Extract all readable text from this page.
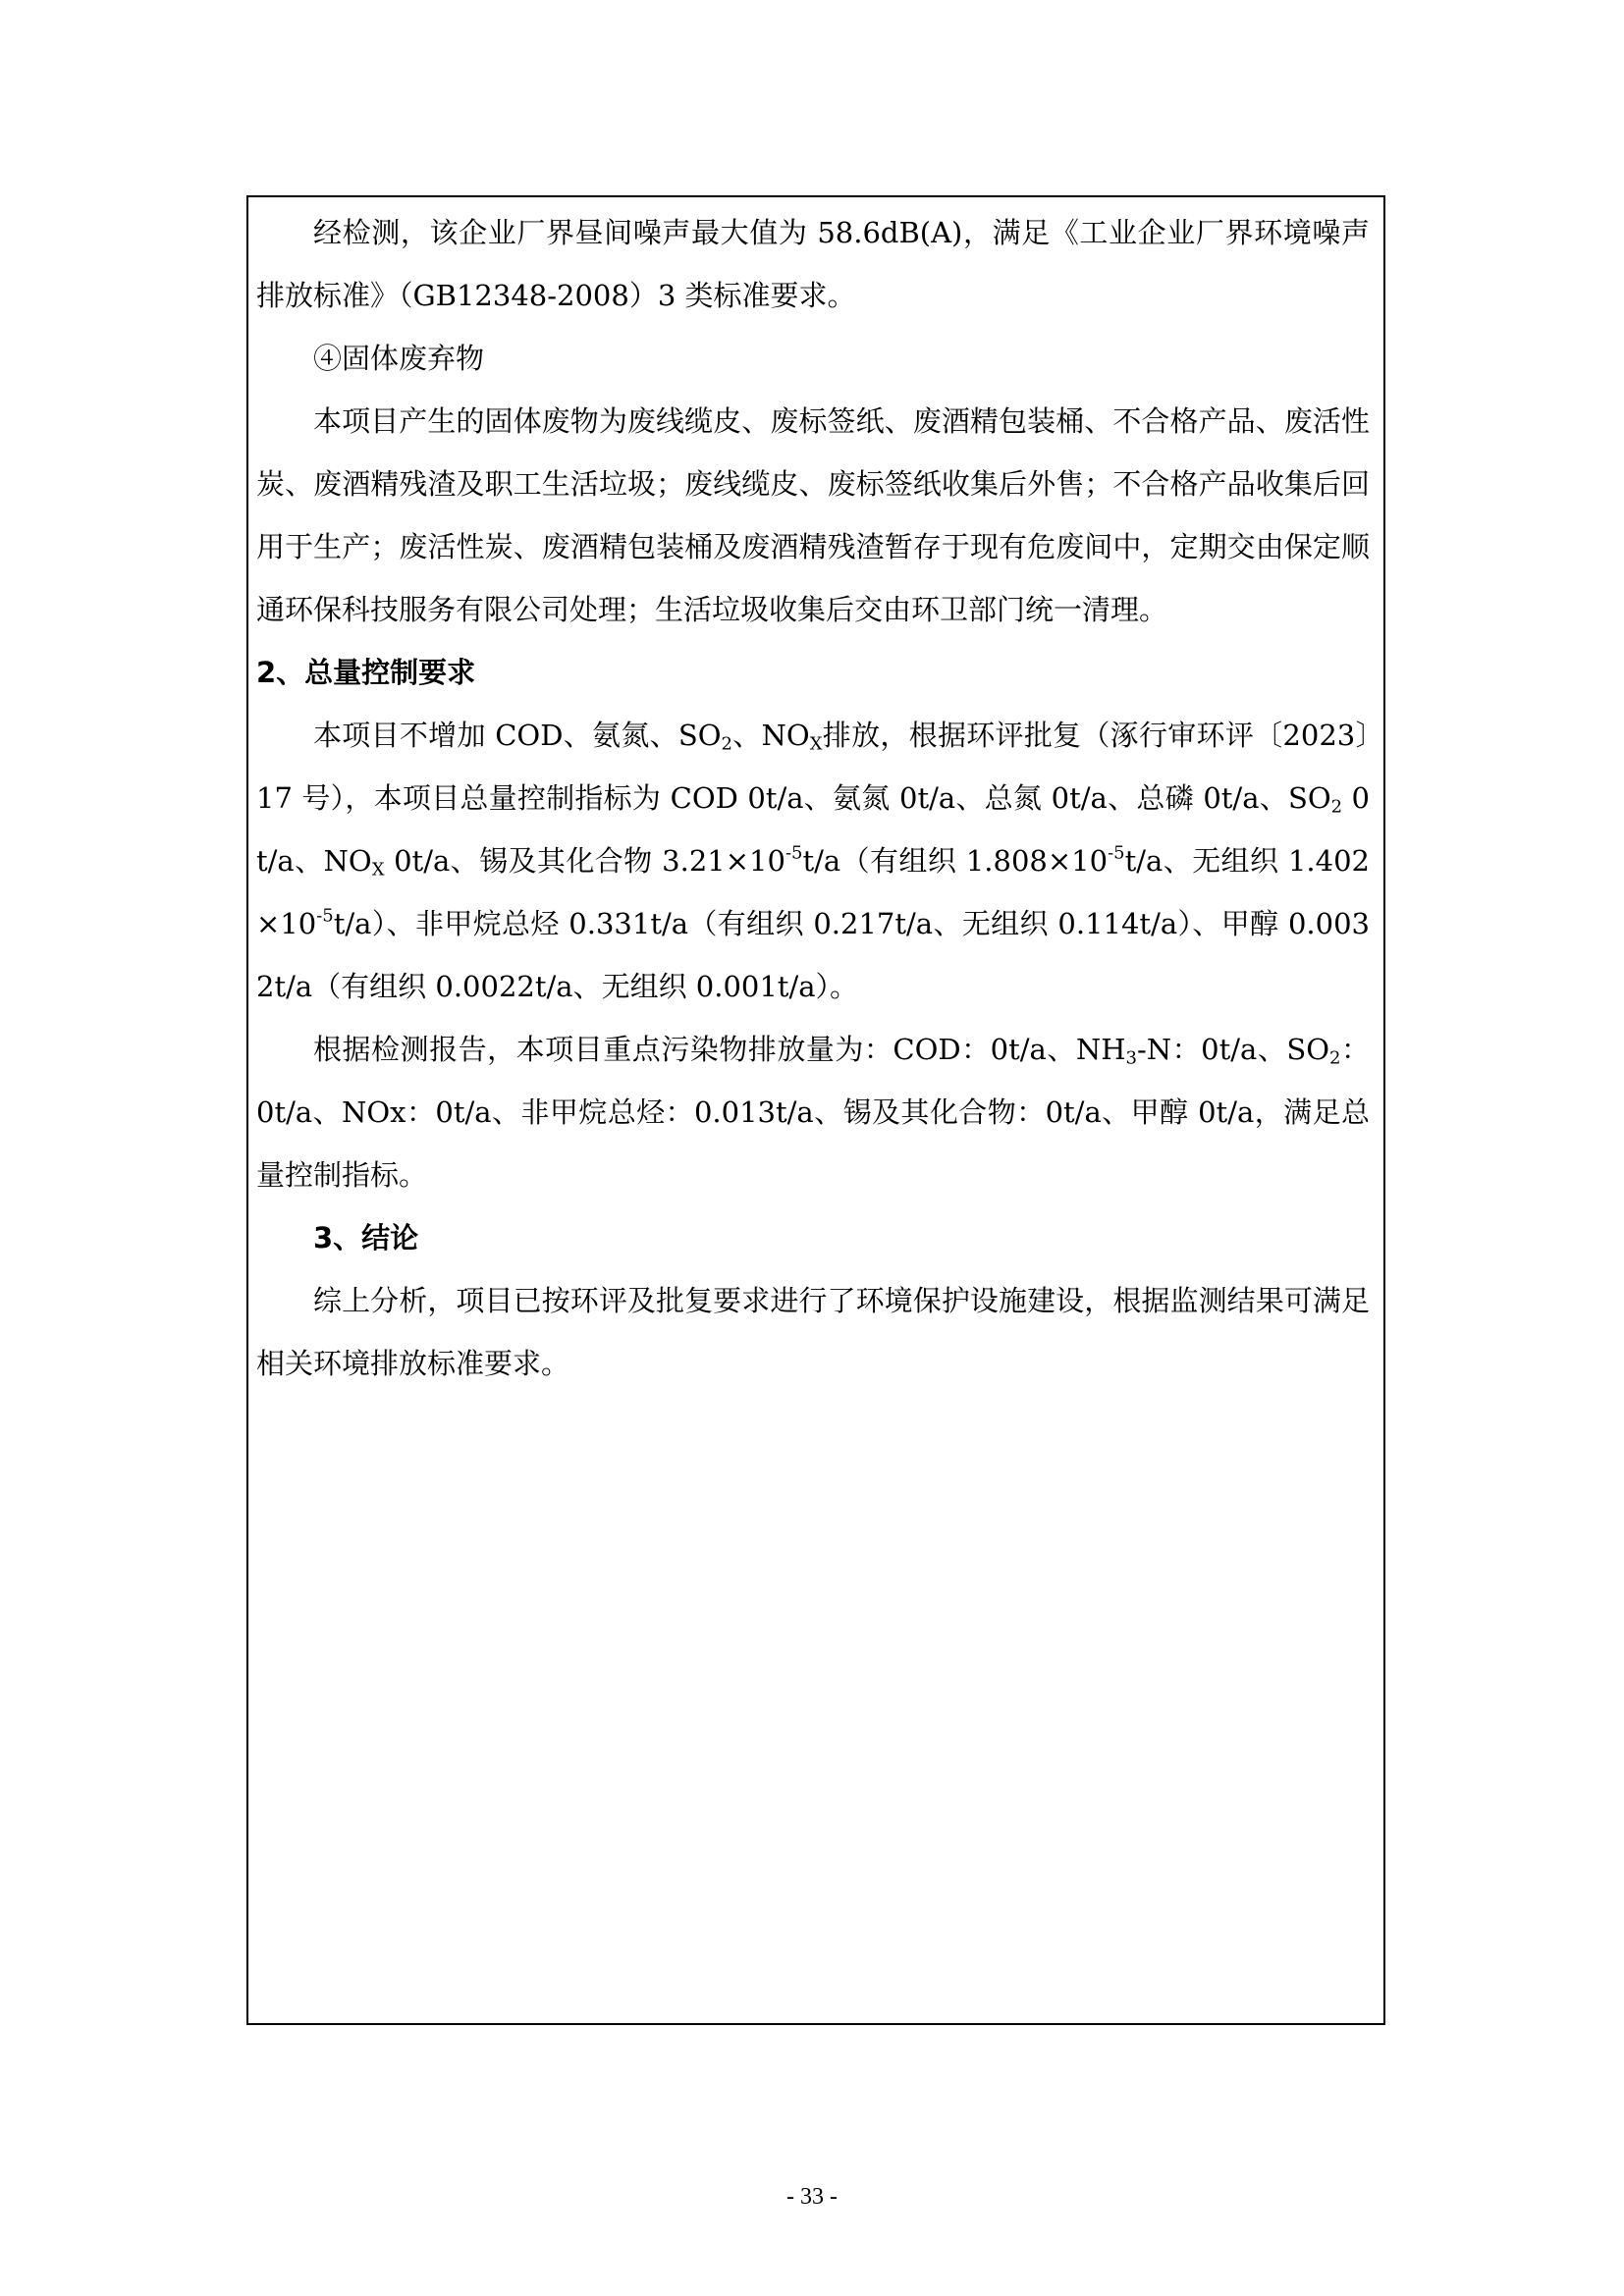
经检测，该企业厂界昼间噪声最大值为 58.6dB(A)，满足《工业企业厂界环境噪声排放标准》（GB12348-2008）3 类标准要求。

④固体废弃物

本项目产生的固体废物为废线缆皮、废标签纸、废酒精包装桶、不合格产品、废活性炭、废酒精残渣及职工生活垃圾；废线缆皮、废标签纸收集后外售；不合格产品收集后回用于生产；废活性炭、废酒精包装桶及废酒精残渣暂存于现有危废间中，定期交由保定顺通环保科技服务有限公司处理；生活垃圾收集后交由环卫部门统一清理。

2、总量控制要求

本项目不增加 COD、氨氮、$SO_2$、$NO_X$排放，根据环评批复（涿行审环评〔2023〕17 号），本项目总量控制指标为 COD 0t/a、氨氮 0t/a、总氮 0t/a、总磷 0t/a、$SO_2$ 0t/a、$NO_X$ 0t/a、锡及其化合物 $3.21\times 10^{-5}t/a$（有组织 $1.808\times 10^{-5}t/a$、无组织 $1.402\times 10^{-5}t/a$）、非甲烷总烃 0.331t/a（有组织 0.217t/a、无组织 0.114t/a）、甲醇 0.0032t/a（有组织 0.0022t/a、无组织 0.001t/a）。

根据检测报告，本项目重点污染物排放量为：COD：0t/a、$NH_3-N$：0t/a、$SO_2$：0t/a、NOx：0t/a、非甲烷总烃：0.013t/a、锡及其化合物：0t/a、甲醇 0t/a，满足总量控制指标。

3、结论

综上分析，项目已按环评及批复要求进行了环境保护设施建设，根据监测结果可满足相关环境排放标准要求。

- 33 -
